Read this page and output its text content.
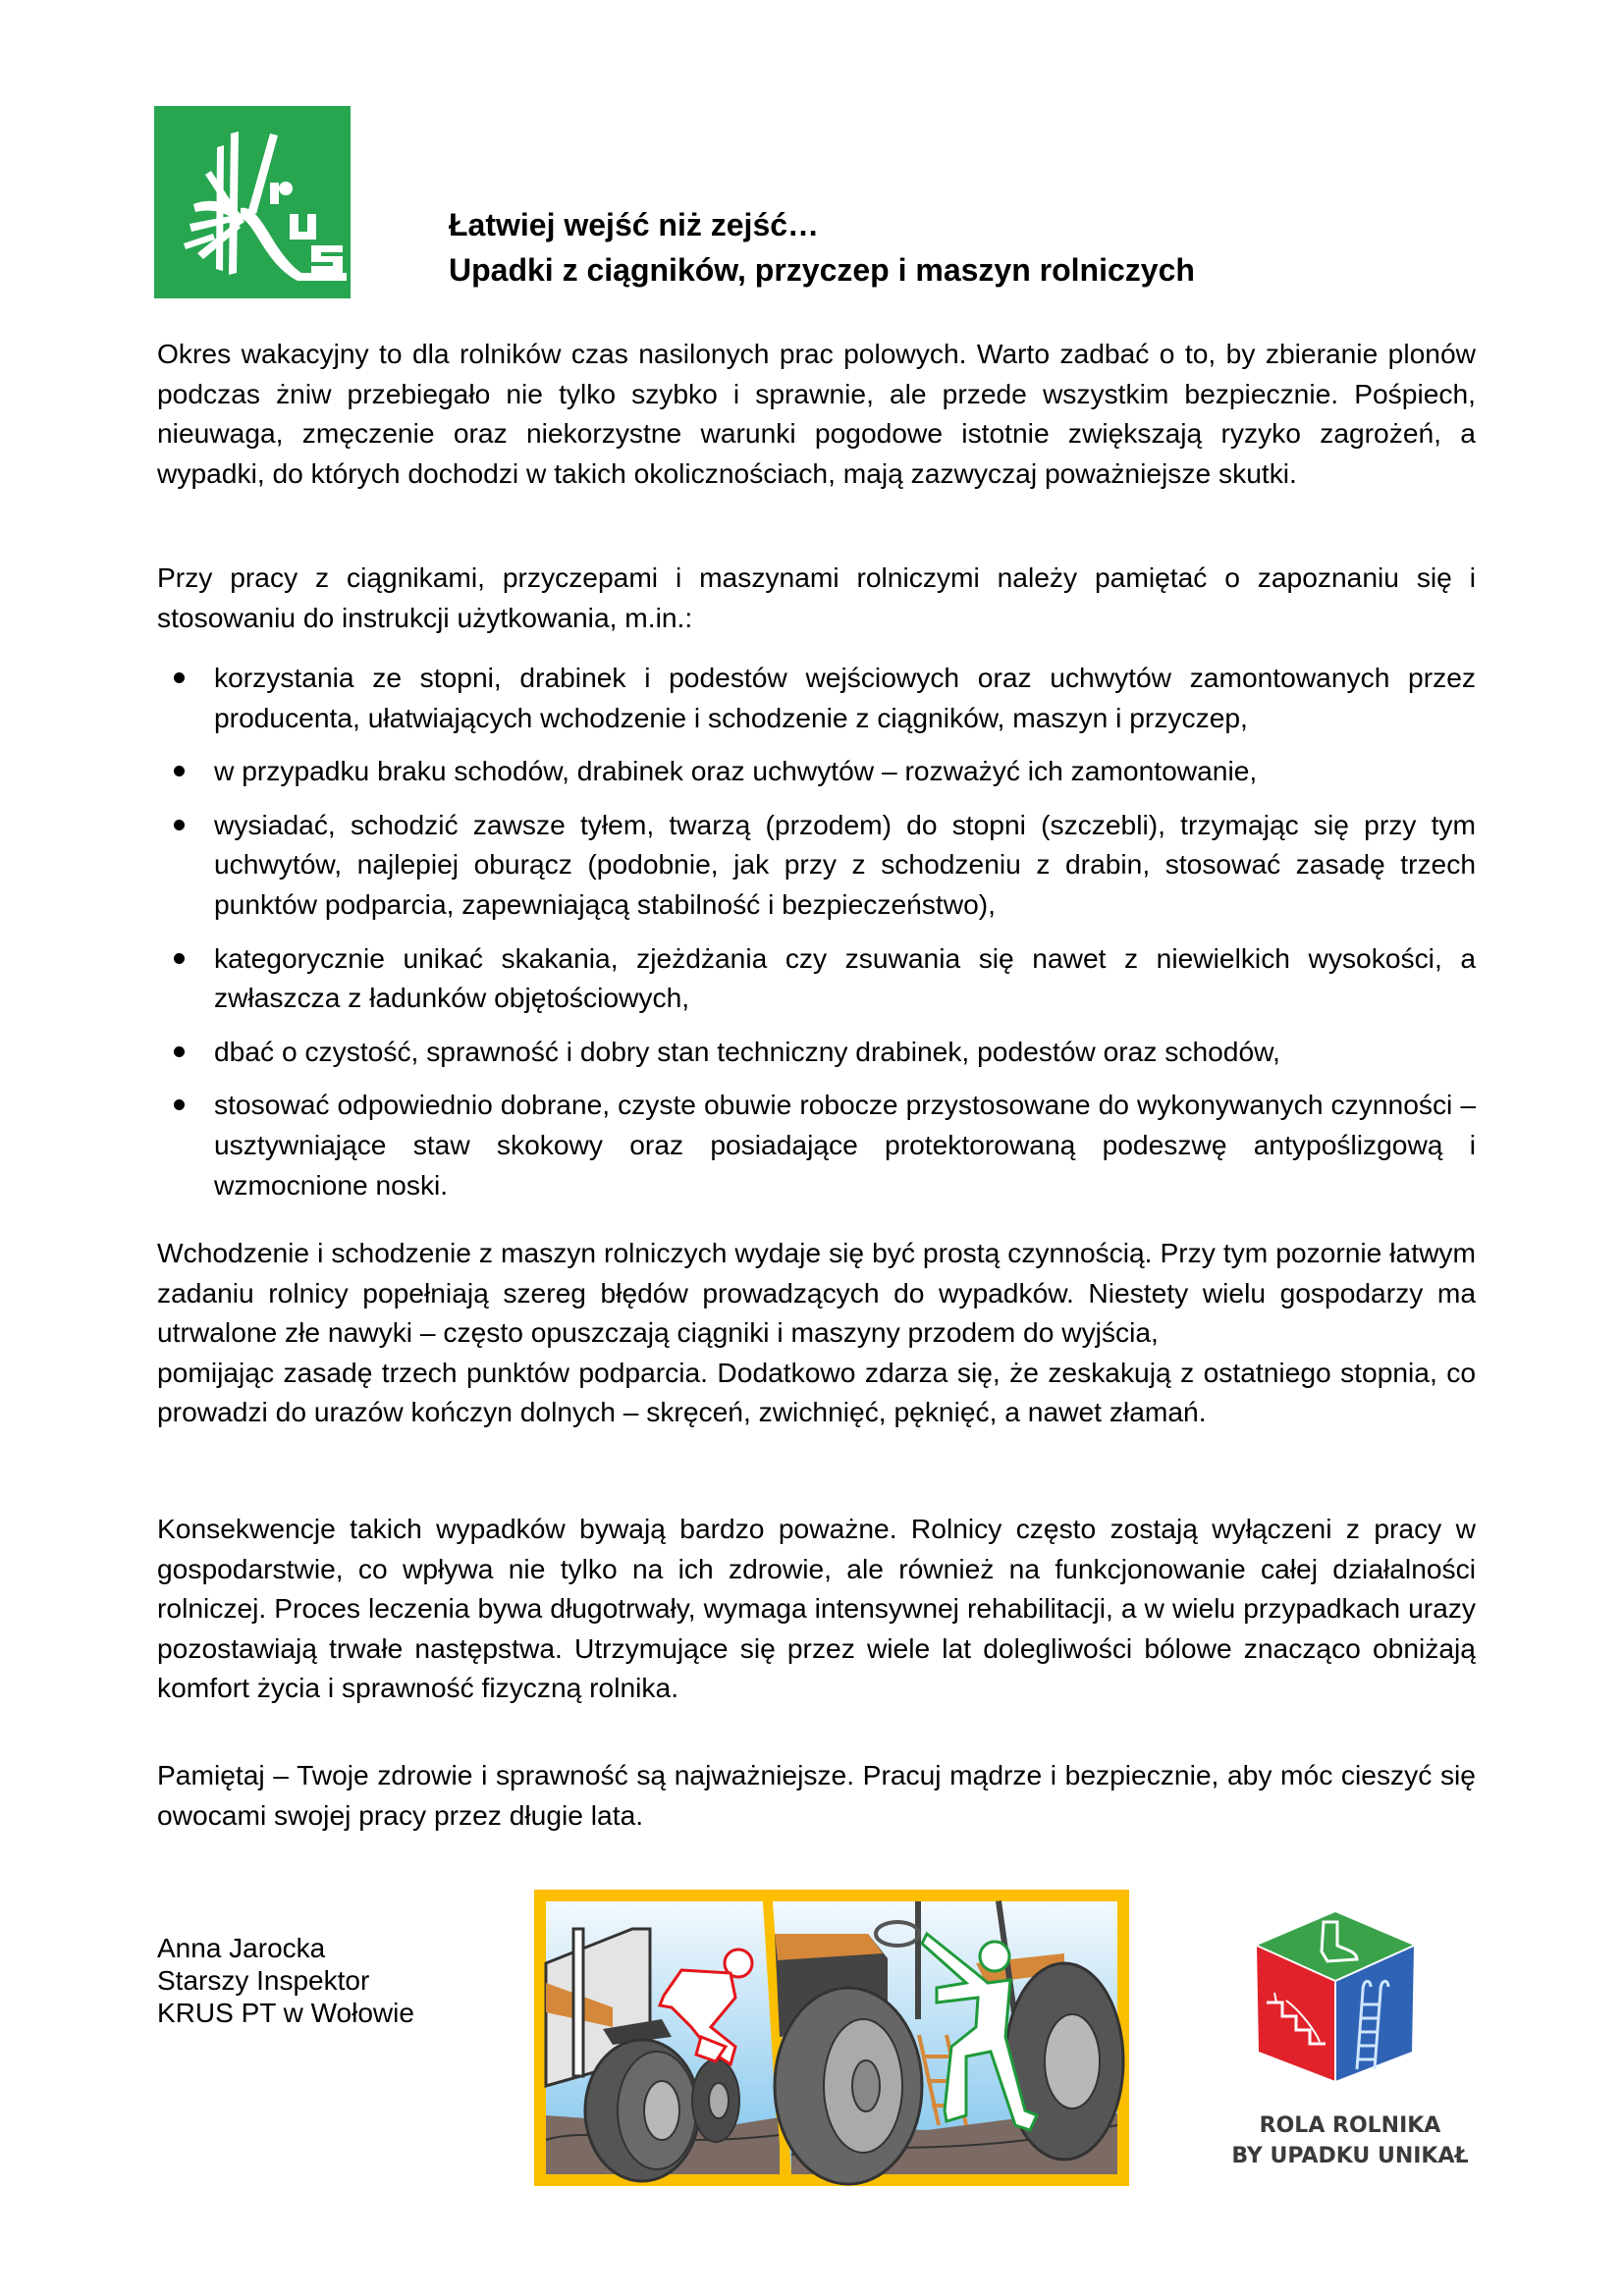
Łatwiej wejść niż zejść…
Upadki z ciągników, przyczep i maszyn rolniczych

Okres wakacyjny to dla rolników czas nasilonych prac polowych. Warto zadbać o to, by zbieranie plonów podczas żniw przebiegało nie tylko szybko i sprawnie, ale przede wszystkim bezpiecznie. Pośpiech, nieuwaga, zmęczenie oraz niekorzystne warunki pogodowe istotnie zwiększają ryzyko zagrożeń, a wypadki, do których dochodzi w takich okolicznościach, mają zazwyczaj poważniejsze skutki.

Przy pracy z ciągnikami, przyczepami i maszynami rolniczymi należy pamiętać o zapoznaniu się i stosowaniu do instrukcji użytkowania, m.in.:

korzystania ze stopni, drabinek i podestów wejściowych oraz uchwytów zamontowanych przez producenta, ułatwiających wchodzenie i schodzenie z ciągników, maszyn i przyczep,
w przypadku braku schodów, drabinek oraz uchwytów – rozważyć ich zamontowanie,
wysiadać, schodzić zawsze tyłem, twarzą (przodem) do stopni (szczebli), trzymając się przy tym uchwytów, najlepiej oburącz (podobnie, jak przy z schodzeniu z drabin, stosować zasadę trzech punktów podparcia, zapewniającą stabilność i bezpieczeństwo),
kategorycznie unikać skakania, zjeżdżania czy zsuwania się nawet z niewielkich wysokości, a zwłaszcza z ładunków objętościowych,
dbać o czystość, sprawność i dobry stan techniczny drabinek, podestów oraz schodów,
stosować odpowiednio dobrane, czyste obuwie robocze przystosowane do wykonywanych czynności – usztywniające staw skokowy oraz posiadające protektorowaną podeszwę antypoślizgową i wzmocnione noski.

Wchodzenie i schodzenie z maszyn rolniczych wydaje się być prostą czynnością. Przy tym pozornie łatwym zadaniu rolnicy popełniają szereg błędów prowadzących do wypadków. Niestety wielu gospodarzy ma utrwalone złe nawyki – często opuszczają ciągniki i maszyny przodem do wyjścia,

pomijając zasadę trzech punktów podparcia. Dodatkowo zdarza się, że zeskakują z ostatniego stopnia, co prowadzi do urazów kończyn dolnych – skręceń, zwichnięć, pęknięć, a nawet złamań.

Konsekwencje takich wypadków bywają bardzo poważne. Rolnicy często zostają wyłączeni z pracy w gospodarstwie, co wpływa nie tylko na ich zdrowie, ale również na funkcjonowanie całej działalności rolniczej. Proces leczenia bywa długotrwały, wymaga intensywnej rehabilitacji, a w wielu przypadkach urazy pozostawiają trwałe następstwa. Utrzymujące się przez wiele lat dolegliwości bólowe znacząco obniżają komfort życia i sprawność fizyczną rolnika.

Pamiętaj – Twoje zdrowie i sprawność są najważniejsze. Pracuj mądrze i bezpiecznie, aby móc cieszyć się owocami swojej pracy przez długie lata.

Anna Jarocka
Starszy Inspektor
KRUS PT w Wołowie
ROLA ROLNIKA
BY UPADKU UNIKAŁ
